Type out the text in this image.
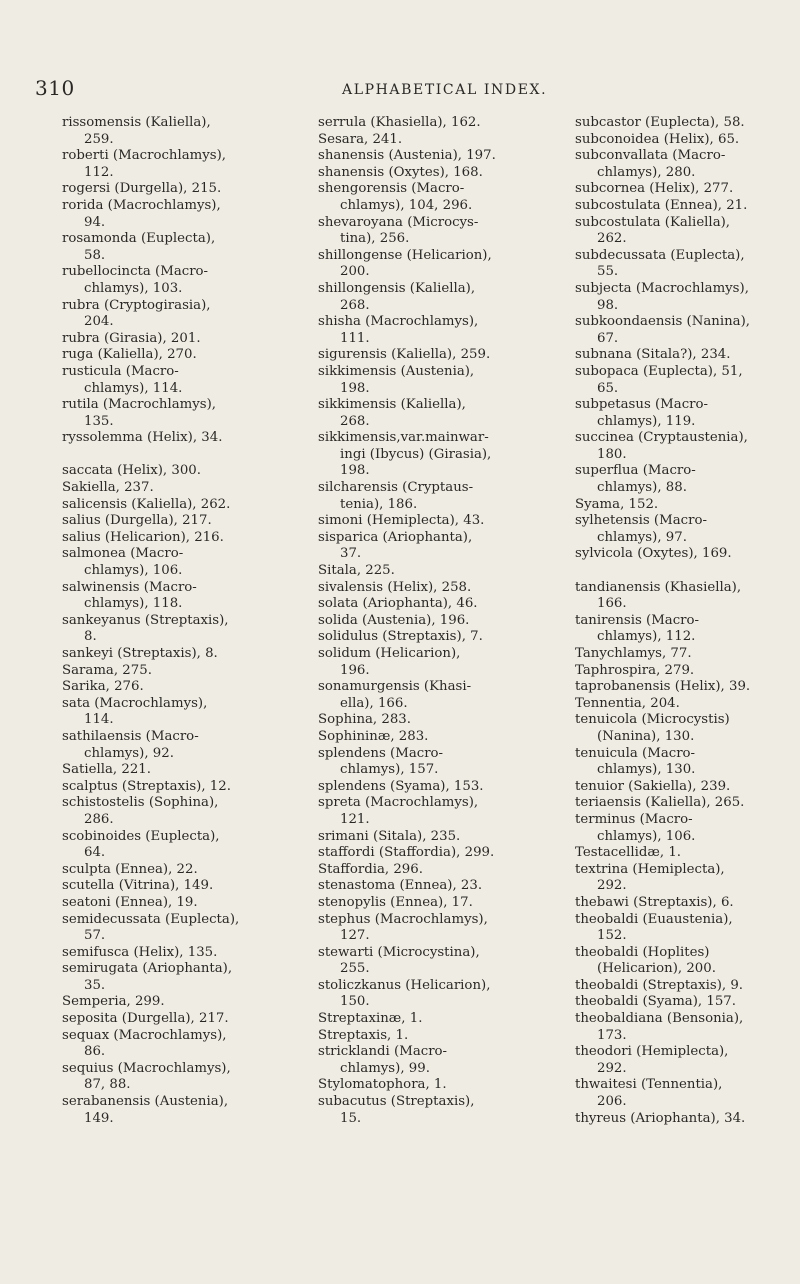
310	ALPHABETICAL INDEX.
rissomensis (Kaliella),
259.
roberti (Macrochlamys),
112.
rogersi (Durgella), 215.
rorida (Macrochlamys),
94.
rosamonda (Euplecta),
58.
rubellocincta (Macro-
chlamys), 103.
rubra (Cryptogirasia),
204.
rubra (Girasia), 201.
ruga (Kaliella), 270.
rusticula (Macro-
chlamys), 114.
rutila (Macrochlamys),
135.
ryssolemma (Helix), 34.
saccata (Helix), 300.
Sakiella, 237.
salicensis (Kaliella), 262.
salius (Durgella), 217.
salius (Helicarion), 216.
salmonea (Macro-
chlamys), 106.
salwinensis (Macro-
chlamys), 118.
sankeyanus (Streptaxis),
8.
sankeyi (Streptaxis), 8.
Sarama, 275.
Sarika, 276.
sata (Macrochlamys),
114.
sathilaensis (Macro-
chlamys), 92.
Satiella, 221.
scalptus (Streptaxis), 12.
schistostelis (Sophina),
286.
scobinoides (Euplecta),
64.
sculpta (Ennea), 22.
scutella (Vitrina), 149.
seatoni (Ennea), 19.
semidecussata (Euplecta),
57.
semifusca (Helix), 135.
semirugata (Ariophanta),
35.
Semperia, 299.
seposita (Durgella), 217.
sequax (Macrochlamys),
86.
sequius (Macrochlamys),
87, 88.
serabanensis (Austenia),
149.
serrula (Khasiella), 162.
Sesara, 241.
shanensis (Austenia), 197.
shanensis (Oxytes), 168.
shengorensis (Macro-
chlamys), 104, 296.
shevaroyana (Microcys-
tina), 256.
shillongense (Helicarion),
200.
shillongensis (Kaliella),
268.
shisha (Macrochlamys),
111.
sigurensis (Kaliella), 259.
sikkimensis (Austenia),
198.
sikkimensis (Kaliella),
268.
sikkimensis,var.mainwar-
ingi (Ibycus) (Girasia),
198.
silcharensis (Cryptaus-
tenia), 186.
simoni (Hemiplecta), 43.
sisparica (Ariophanta),
37.
Sitala, 225.
sivalensis (Helix), 258.
solata (Ariophanta), 46.
solida (Austenia), 196.
solidulus (Streptaxis), 7.
solidum (Helicarion),
196.
sonamurgensis (Khasi-
ella), 166.
Sophina, 283.
Sophininæ, 283.
splendens (Macro-
chlamys), 157.
splendens (Syama), 153.
spreta (Macrochlamys),
121.
srimani (Sitala), 235.
staffordi (Staffordia), 299.
Staffordia, 296.
stenastoma (Ennea), 23.
stenopylis (Ennea), 17.
stephus (Macrochlamys),
127.
stewarti (Microcystina),
255.
stoliczkanus (Helicarion),
150.
Streptaxinæ, 1.
Streptaxis, 1.
stricklandi (Macro-
chlamys), 99.
Stylomatophora, 1.
subacutus (Streptaxis),
15.
subcastor (Euplecta), 58.
subconoidea (Helix), 65.
subconvallata (Macro-
chlamys), 280.
subcornea (Helix), 277.
subcostulata (Ennea), 21.
subcostulata (Kaliella),
262.
subdecussata (Euplecta),
55.
subjecta (Macrochlamys),
98.
subkoondaensis (Nanina),
67.
subnana (Sitala?), 234.
subopaca (Euplecta), 51,
65.
subpetasus (Macro-
chlamys), 119.
succinea (Cryptaustenia),
180.
superflua (Macro-
chlamys), 88.
Syama, 152.
sylhetensis (Macro-
chlamys), 97.
sylvicola (Oxytes), 169.
tandianensis (Khasiella),
166.
tanirensis (Macro-
chlamys), 112.
Tanychlamys, 77.
Taphrospira, 279.
taprobanensis (Helix), 39.
Tennentia, 204.
tenuicola (Microcystis)
(Nanina), 130.
tenuicula (Macro-
chlamys), 130.
tenuior (Sakiella), 239.
teriaensis (Kaliella), 265.
terminus (Macro-
chlamys), 106.
Testacellidæ, 1.
textrina (Hemiplecta),
292.
thebawi (Streptaxis), 6.
theobaldi (Euaustenia),
152.
theobaldi (Hoplites)
(Helicarion), 200.
theobaldi (Streptaxis), 9.
theobaldi (Syama), 157.
theobaldiana (Bensonia),
173.
theodori (Hemiplecta),
292.
thwaitesi (Tennentia),
206.
thyreus (Ariophanta), 34.
